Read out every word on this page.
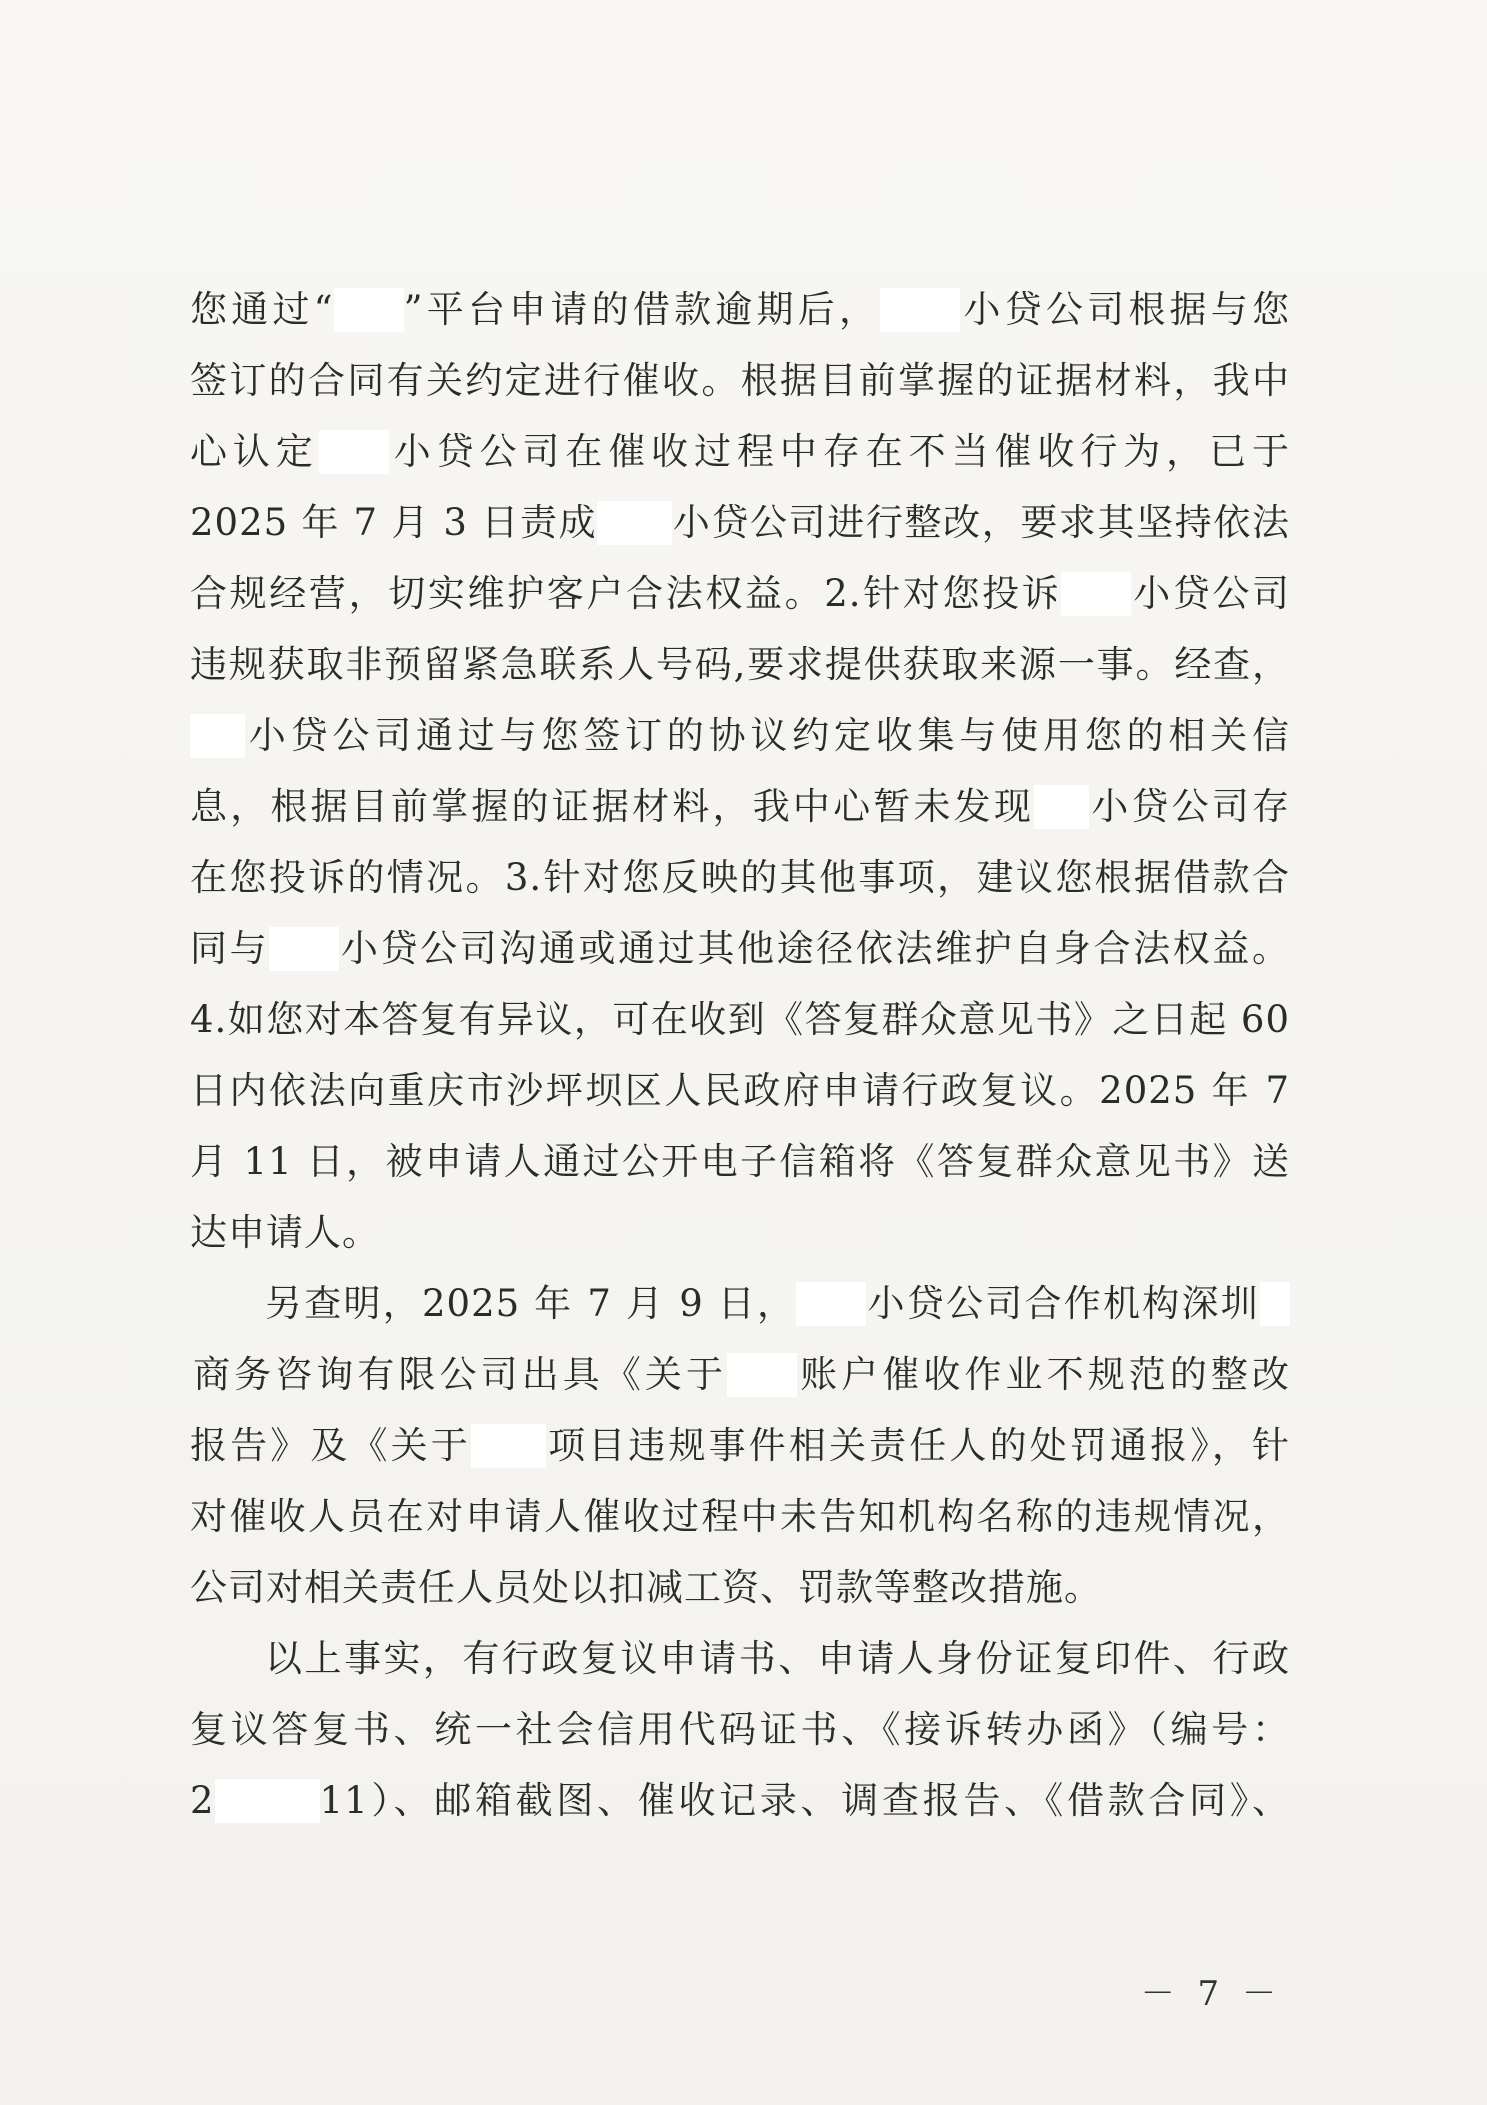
您通过“ ”平台申请的借款逾期后， 小贷公司根据与您
签订的合同有关约定进行催收。根据目前掌握的证据材料，我中
心认定 小贷公司在催收过程中存在不当催收行为，已于
2025 年 7 月 3 日责成 小贷公司进行整改，要求其坚持依法
合规经营，切实维护客户合法权益。2.针对您投诉 小贷公司
违规获取非预留紧急联系人号码,要求提供获取来源一事。经查，
小贷公司通过与您签订的协议约定收集与使用您的相关信
息，根据目前掌握的证据材料，我中心暂未发现 小贷公司存
在您投诉的情况。3.针对您反映的其他事项，建议您根据借款合
同与 小贷公司沟通或通过其他途径依法维护自身合法权益。
4.如您对本答复有异议，可在收到《答复群众意见书》之日起 60
日内依法向重庆市沙坪坝区人民政府申请行政复议。2025 年 7
月 11 日，被申请人通过公开电子信箱将《答复群众意见书》送
达申请人。
另查明，2025 年 7 月 9 日， 小贷公司合作机构深圳
商务咨询有限公司出具《关于 账户催收作业不规范的整改
报告》及《关于 项目违规事件相关责任人的处罚通报》，针
对催收人员在对申请人催收过程中未告知机构名称的违规情况，
公司对相关责任人员处以扣减工资、罚款等整改措施。
以上事实，有行政复议申请书、申请人身份证复印件、行政
复议答复书、统一社会信用代码证书、《接诉转办函》（编号：
2	11）、邮箱截图、催收记录、调查报告、《借款合同》、
－ 7 －
